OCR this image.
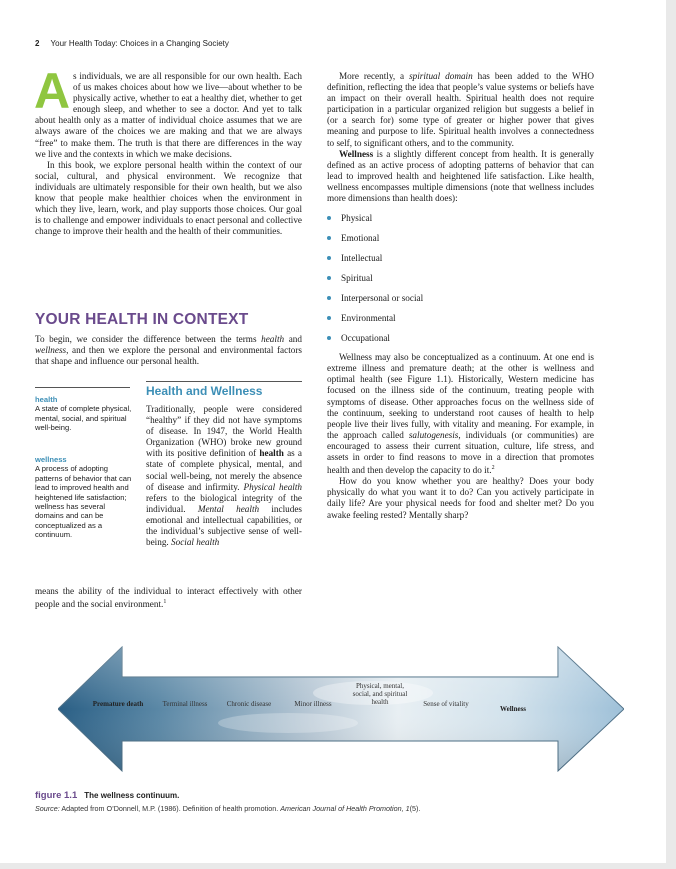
2 Your Health Today: Choices in a Changing Society

As individuals, we are all responsible for our own health. Each of us makes choices about how we live—about whether to be physically active, whether to eat a healthy diet, whether to get enough sleep, and whether to see a doctor. And yet to talk about health only as a matter of individual choice assumes that we are always aware of the choices we are making and that we are always “free” to make them. The truth is that there are differences in the way we live and the contexts in which we make decisions.

In this book, we explore personal health within the context of our social, cultural, and physical environment. We recognize that individuals are ultimately responsible for their own health, but we also know that people make healthier choices when the environment in which they live, learn, work, and play supports those choices. Our goal is to challenge and empower individuals to enact personal and collective change to improve their health and the health of their communities.

YOUR HEALTH IN CONTEXT

To begin, we consider the difference between the terms health and wellness, and then we explore the personal and environmental factors that shape and influence our personal health.

Health and Wellness
health
A state of complete physical, mental, social, and spiritual well-being.
wellness
A process of adopting patterns of behavior that can lead to improved health and heightened life satisfaction; wellness has several domains and can be conceptualized as a continuum.

Traditionally, people were considered “healthy” if they did not have symptoms of disease. In 1947, the World Health Organization (WHO) broke new ground with its positive definition of health as a state of complete physical, mental, and social well-being, not merely the absence of disease and infirmity. Physical health refers to the biological integrity of the individual. Mental health includes emotional and intellectual capabilities, or the individual’s subjective sense of well-being. Social health

means the ability of the individual to interact effectively with other people and the social environment.$^1$

More recently, a spiritual domain has been added to the WHO definition, reflecting the idea that people’s value systems or beliefs have an impact on their overall health. Spiritual health does not require participation in a particular organized religion but suggests a belief in (or a search for) some type of greater or higher power that gives meaning and purpose to life. Spiritual health involves a connectedness to self, to significant others, and to the community.

Wellness is a slightly different concept from health. It is generally defined as an active process of adopting patterns of behavior that can lead to improved health and heightened life satisfaction. Like health, wellness encompasses multiple dimensions (note that wellness includes more dimensions than health does):

Physical
Emotional
Intellectual
Spiritual
Interpersonal or social
Environmental
Occupational

Wellness may also be conceptualized as a continuum. At one end is extreme illness and premature death; at the other is wellness and optimal health (see Figure 1.1). Historically, Western medicine has focused on the illness side of the continuum, treating people with symptoms of disease. Other approaches focus on the wellness side of the continuum, seeking to understand root causes of health to help people live their lives fully, with vitality and meaning. For example, in the approach called salutogenesis, individuals (or communities) are encouraged to assess their current situation, culture, life stress, and assets in order to find reasons to move in a direction that promotes health and then develop the capacity to do it.$^2$

How do you know whether you are healthy? Does your body physically do what you want it to do? Can you actively participate in daily life? Are your physical needs for food and shelter met? Do you awake feeling rested? Mentally sharp?

Premature death	Terminal illness	Chronic disease	Minor illness
Physical, mental, social, and spiritual health	Sense of vitality
Wellness
figure 1.1 The wellness continuum.
Source: Adapted from O’Donnell, M.P. (1986). Definition of health promotion. American Journal of Health Promotion, 1(5).
